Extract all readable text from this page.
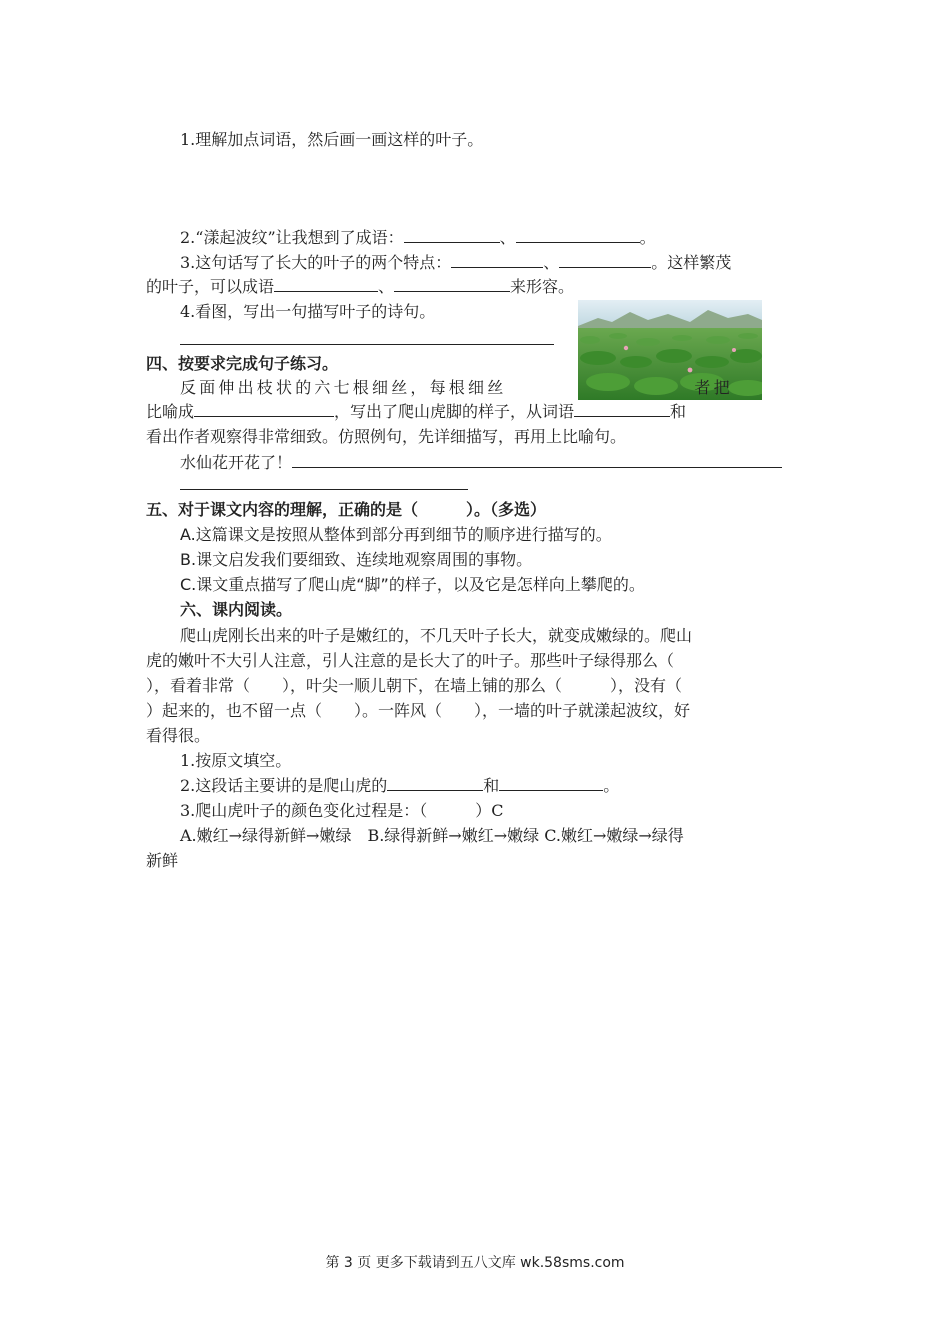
1.理解加点词语，然后画一画这样的叶子。
2.“漾起波纹”让我想到了成语：	、	。
3.这句话写了长大的叶子的两个特点：	、	。这样繁茂
的叶子，可以成语	、	来形容。
4.看图，写出一句描写叶子的诗句。
四、按要求完成句子练习。
反面伸出枝状的六七根细丝，每根细丝	者把
比喻成	，写出了爬山虎脚的样子，从词语	和
看出作者观察得非常细致。仿照例句，先详细描写，再用上比喻句。
水仙花开花了！
五、对于课文内容的理解，正确的是（　　　）。（多选）
A.这篇课文是按照从整体到部分再到细节的顺序进行描写的。
B.课文启发我们要细致、连续地观察周围的事物。
C.课文重点描写了爬山虎“脚”的样子，以及它是怎样向上攀爬的。
六、课内阅读。
爬山虎刚长出来的叶子是嫩红的，不几天叶子长大，就变成嫩绿的。爬山
虎的嫩叶不大引人注意，引人注意的是长大了的叶子。那些叶子绿得那么（
），看着非常（　　），叶尖一顺儿朝下，在墙上铺的那么（　　　），没有（
）起来的，也不留一点（　　）。一阵风（　　），一墙的叶子就漾起波纹，好
看得很。
1.按原文填空。
2.这段话主要讲的是爬山虎的	和	。
3.爬山虎叶子的颜色变化过程是：（　　　）C
A.嫩红→绿得新鲜→嫩绿　B.绿得新鲜→嫩红→嫩绿 C.嫩红→嫩绿→绿得
新鲜
第 3 页 更多下载请到五八文库 wk.58sms.com
